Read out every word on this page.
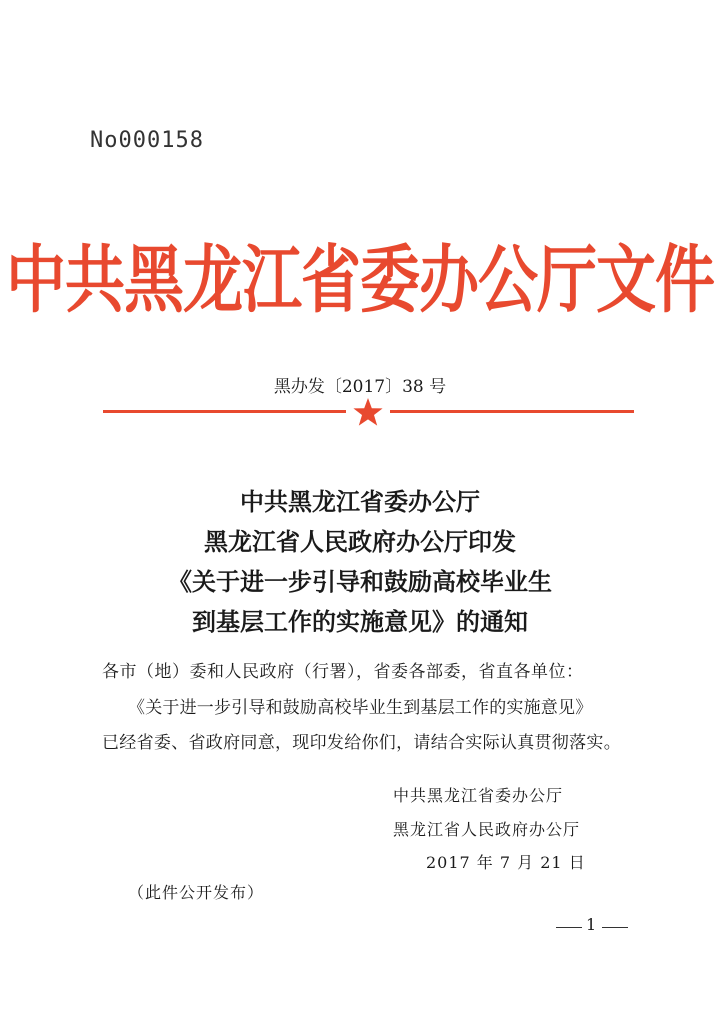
No000158
中共黑龙江省委办公厅文件
黑办发〔2017〕38 号
中共黑龙江省委办公厅
黑龙江省人民政府办公厅印发
《关于进一步引导和鼓励高校毕业生
到基层工作的实施意见》的通知
各市（地）委和人民政府（行署），省委各部委，省直各单位：
《关于进一步引导和鼓励高校毕业生到基层工作的实施意见》
已经省委、省政府同意，现印发给你们，请结合实际认真贯彻落实。
中共黑龙江省委办公厅
黑龙江省人民政府办公厅
2017 年 7 月 21 日
（此件公开发布）
1
